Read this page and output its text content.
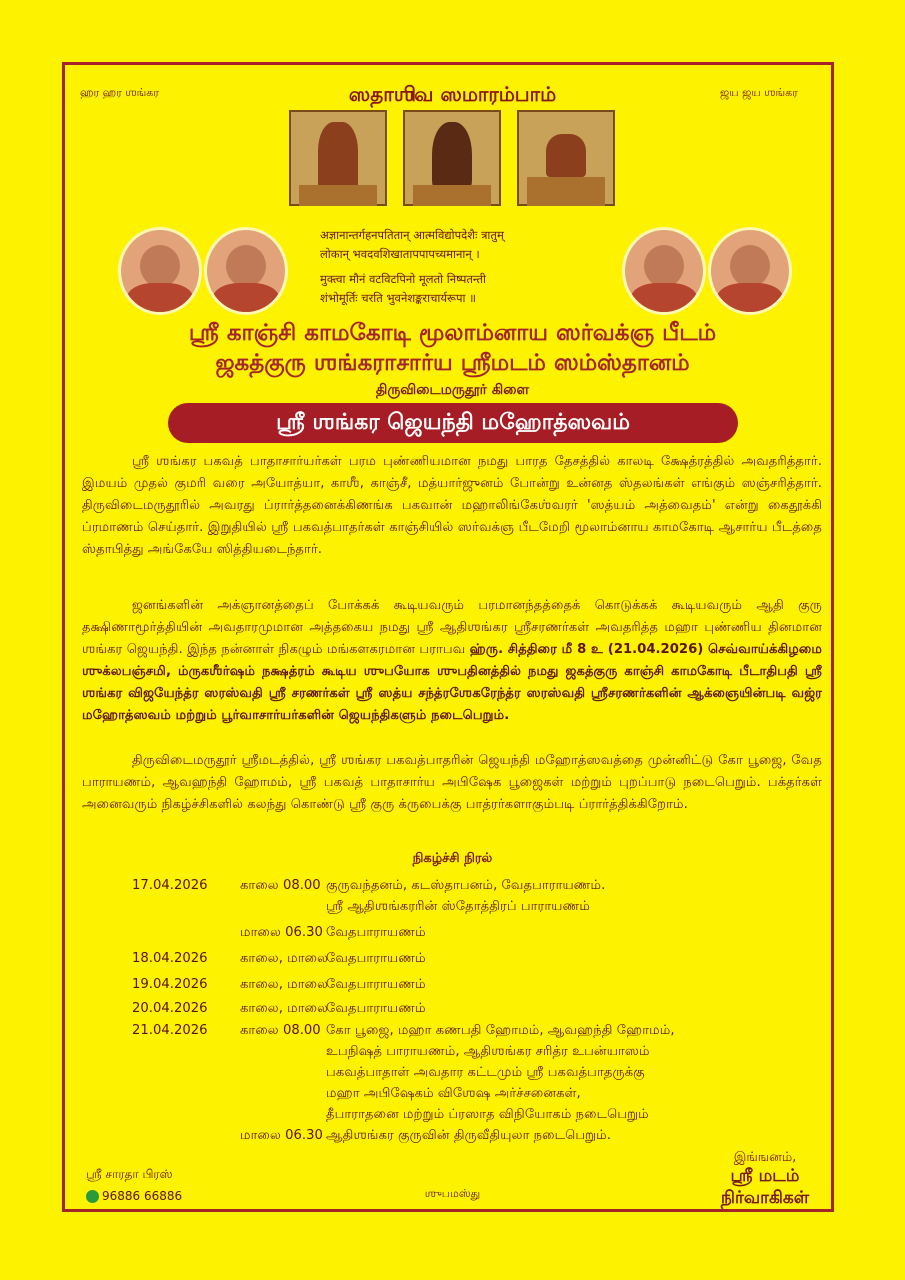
ஹர ஹர ஶங்கர	ஜய ஜய ஶங்கர
ஸதாஶிவ ஸமாரம்பாம்
अज्ञानान्तर्गहनपतितान् आत्मविद्योपदेशैः त्रातुम्
लोकान् भवदवशिखातापपापच्यमानान् ।
मुक्त्वा मौनं वटविटपिनो मूलतो निष्पतन्ती
शंभोमूर्तिः चरति भुवनेशङ्कराचार्यरूपा ॥
ஸ்ரீ காஞ்சி காமகோடி மூலாம்னாய ஸர்வக்ஞ பீடம்
ஜகத்குரு ஶங்கராசார்ய ஸ்ரீமடம் ஸம்ஸ்தானம்
திருவிடைமருதூர் கிளை
ஸ்ரீ ஶங்கர ஜெயந்தி மஹோத்ஸவம்

ஸ்ரீ ஶங்கர பகவத் பாதாசார்யர்கள் பரம புண்ணியமான நமது பாரத தேசத்தில் காலடி க்ஷேத்ரத்தில் அவதரித்தார். இமயம் முதல் குமரி வரை அயோத்யா, காஶீ, காஞ்சீ, மத்யார்ஜுனம் போன்று உன்னத ஸ்தலங்கள் எங்கும் ஸஞ்சரித்தார். திருவிடைமருதூரில் அவரது ப்ரார்த்தனைக்கிணங்க பகவான் மஹாலிங்கேஶ்வரர் 'ஸத்யம் அத்வைதம்' என்று கைதூக்கி ப்ரமாணம் செய்தார். இறுதியில் ஸ்ரீ பகவத்பாதர்கள் காஞ்சியில் ஸர்வக்ஞ பீடமேறி மூலாம்னாய காமகோடி ஆசார்ய பீடத்தை ஸ்தாபித்து அங்கேயே ஸித்தியடைந்தார்.

ஜனங்களின் அக்ஞானத்தைப் போக்கக் கூடியவரும் பரமானந்தத்தைக் கொடுக்கக் கூடியவரும் ஆதி குரு தக்ஷிணாமூர்த்தியின் அவதாரமுமான அத்தகைய நமது ஸ்ரீ ஆதிஶங்கர ஸ்ரீசரணர்கள் அவதரித்த மஹா புண்ணிய தினமான ஶங்கர ஜெயந்தி. இந்த நன்னாள் நிகழும் மங்களகரமான பராபவ ஹ்ரு. சித்திரை மீ 8 உ (21.04.2026) செவ்வாய்க்கிழமை ஶுக்லபஞ்சமி, ம்ருகஶீர்ஷம் நக்ஷத்ரம் கூடிய ஶுபயோக ஶுபதினத்தில் நமது ஜகத்குரு காஞ்சி காமகோடி பீடாதிபதி ஸ்ரீ ஶங்கர விஜயேந்த்ர ஸரஸ்வதி ஸ்ரீ சரணர்கள் ஸ்ரீ ஸத்ய சந்த்ரஶேகரேந்த்ர ஸரஸ்வதி ஸ்ரீசரணர்களின் ஆக்ஞையின்படி வஜ்ர மஹோத்ஸவம் மற்றும் பூர்வாசார்யர்களின் ஜெயந்திகளும் நடைபெறும்.

திருவிடைமருதூர் ஸ்ரீமடத்தில், ஸ்ரீ ஶங்கர பகவத்பாதரின் ஜெயந்தி மஹோத்ஸவத்தை முன்னிட்டு கோ பூஜை, வேத பாராயணம், ஆவஹந்தி ஹோமம், ஸ்ரீ பகவத் பாதாசார்ய அபிஷேக பூஜைகள் மற்றும் புறப்பாடு நடைபெறும். பக்தர்கள் அனைவரும் நிகழ்ச்சிகளில் கலந்து கொண்டு ஸ்ரீ குரு க்ருபைக்கு பாத்ரர்களாகும்படி ப்ரார்த்திக்கிறோம்.

நிகழ்ச்சி நிரல்
17.04.2026 காலை 08.00 குருவந்தனம், கடஸ்தாபனம், வேதபாராயணம்.
ஸ்ரீ ஆதிஶங்கரரின் ஸ்தோத்திரப் பாராயணம்
மாலை 06.30 வேதபாராயணம்
18.04.2026 காலை, மாலை
வேதபாராயணம்
19.04.2026 காலை, மாலை
வேதபாராயணம்
20.04.2026 காலை, மாலை
வேதபாராயணம்
21.04.2026 காலை 08.00 கோ பூஜை, மஹா கணபதி ஹோமம், ஆவஹந்தி ஹோமம்,
உபநிஷத் பாராயணம், ஆதிஶங்கர சரித்ர உபன்யாஸம்
பகவத்பாதாள் அவதார கட்டமும் ஸ்ரீ பகவத்பாதருக்கு
மஹா அபிஷேகம் விஶேஷ அர்ச்சனைகள்,
தீபாராதனை மற்றும் ப்ரஸாத விநியோகம் நடைபெறும்
மாலை 06.30 ஆதிஶங்கர குருவின் திருவீதியுலா நடைபெறும்.
ஸ்ரீ சாரதா பிரஸ்
96886 66886	ஶுபமஸ்து
இங்ஙனம்,
ஸ்ரீ மடம்
நிர்வாகிகள்
